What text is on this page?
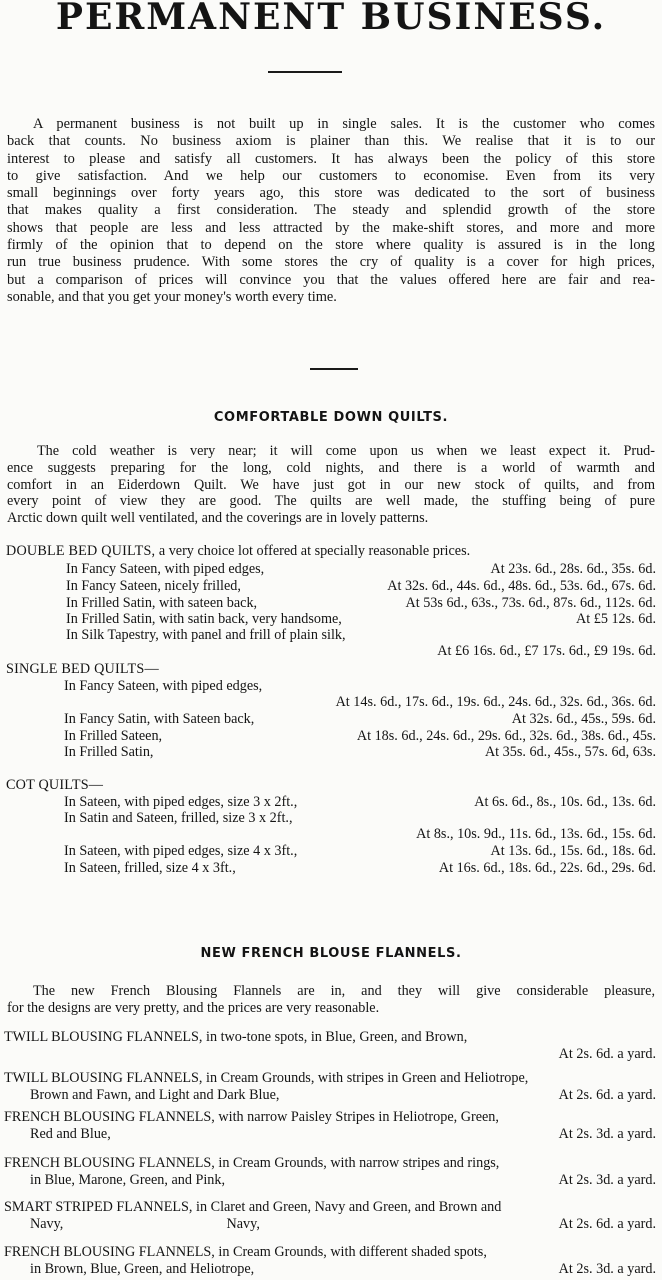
PERMANENT BUSINESS.
A permanent business is not built up in single sales. It is the customer who comes
back that counts. No business axiom is plainer than this. We realise that it is to our
interest to please and satisfy all customers. It has always been the policy of this store
to give satisfaction. And we help our customers to economise. Even from its very
small beginnings over forty years ago, this store was dedicated to the sort of business
that makes quality a first consideration. The steady and splendid growth of the store
shows that people are less and less attracted by the make-shift stores, and more and more
firmly of the opinion that to depend on the store where quality is assured is in the long
run true business prudence. With some stores the cry of quality is a cover for high prices,
but a comparison of prices will convince you that the values offered here are fair and rea-
sonable, and that you get your money's worth every time.
COMFORTABLE DOWN QUILTS.
The cold weather is very near; it will come upon us when we least expect it. Prud-
ence suggests preparing for the long, cold nights, and there is a world of warmth and
comfort in an Eiderdown Quilt. We have just got in our new stock of quilts, and from
every point of view they are good. The quilts are well made, the stuffing being of pure
Arctic down quilt well ventilated, and the coverings are in lovely patterns.
DOUBLE BED QUILTS, a very choice lot offered at specially reasonable prices.
In Fancy Sateen, with piped edges,	At 23s. 6d., 28s. 6d., 35s. 6d.
In Fancy Sateen, nicely frilled,	At 32s. 6d., 44s. 6d., 48s. 6d., 53s. 6d., 67s. 6d.
In Frilled Satin, with sateen back,	At 53s 6d., 63s., 73s. 6d., 87s. 6d., 112s. 6d.
In Frilled Satin, with satin back, very handsome,	At £5 12s. 6d.
In Silk Tapestry, with panel and frill of plain silk,
At £6 16s. 6d., £7 17s. 6d., £9 19s. 6d.
SINGLE BED QUILTS—
In Fancy Sateen, with piped edges,
At 14s. 6d., 17s. 6d., 19s. 6d., 24s. 6d., 32s. 6d., 36s. 6d.
In Fancy Satin, with Sateen back,	At 32s. 6d., 45s., 59s. 6d.
In Frilled Sateen,	At 18s. 6d., 24s. 6d., 29s. 6d., 32s. 6d., 38s. 6d., 45s.
In Frilled Satin,	At 35s. 6d., 45s., 57s. 6d, 63s.
COT QUILTS—
In Sateen, with piped edges, size 3 x 2ft.,	At 6s. 6d., 8s., 10s. 6d., 13s. 6d.
In Satin and Sateen, frilled, size 3 x 2ft.,
At 8s., 10s. 9d., 11s. 6d., 13s. 6d., 15s. 6d.
In Sateen, with piped edges, size 4 x 3ft.,	At 13s. 6d., 15s. 6d., 18s. 6d.
In Sateen, frilled, size 4 x 3ft.,	At 16s. 6d., 18s. 6d., 22s. 6d., 29s. 6d.
NEW FRENCH BLOUSE FLANNELS.
The new French Blousing Flannels are in, and they will give considerable pleasure,
for the designs are very pretty, and the prices are very reasonable.
TWILL BLOUSING FLANNELS, in two-tone spots, in Blue, Green, and Brown,
At 2s. 6d. a yard.
TWILL BLOUSING FLANNELS, in Cream Grounds, with stripes in Green and Heliotrope,
Brown and Fawn, and Light and Dark Blue,	At 2s. 6d. a yard.
FRENCH BLOUSING FLANNELS, with narrow Paisley Stripes in Heliotrope, Green,
Red and Blue,	At 2s. 3d. a yard.
FRENCH BLOUSING FLANNELS, in Cream Grounds, with narrow stripes and rings,
in Blue, Marone, Green, and Pink,	At 2s. 3d. a yard.
SMART STRIPED FLANNELS, in Claret and Green, Navy and Green, and Brown and
Navy,                                              Navy,	At 2s. 6d. a yard.
FRENCH BLOUSING FLANNELS, in Cream Grounds, with different shaded spots,
in Brown, Blue, Green, and Heliotrope,	At 2s. 3d. a yard.
